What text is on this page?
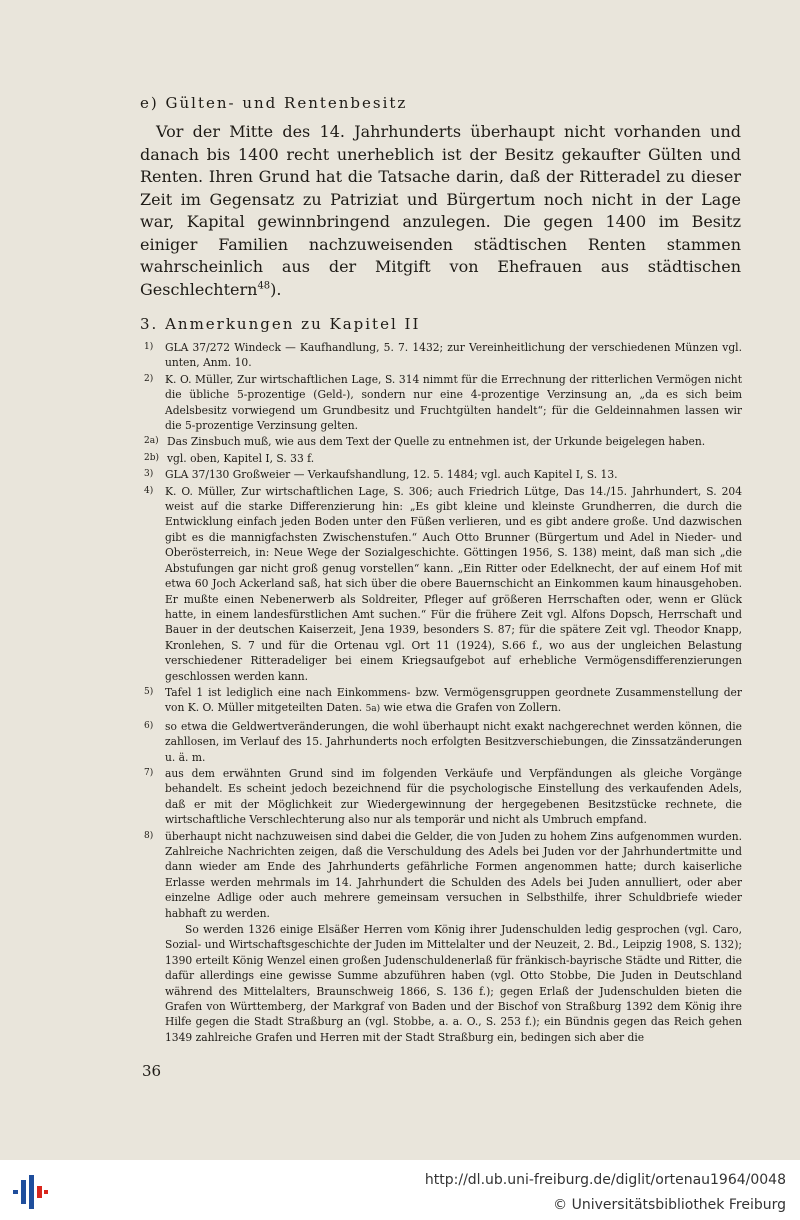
e) Gülten- und Rentenbesitz
Vor der Mitte des 14. Jahrhunderts überhaupt nicht vorhanden und danach bis 1400 recht unerheblich ist der Besitz gekaufter Gülten und Renten. Ihren Grund hat die Tatsache darin, daß der Ritteradel zu dieser Zeit im Gegensatz zu Patriziat und Bürgertum noch nicht in der Lage war, Kapital gewinnbringend anzulegen. Die gegen 1400 im Besitz einiger Familien nachzuweisenden städtischen Renten stammen wahrscheinlich aus der Mitgift von Ehefrauen aus städtischen Geschlechtern$^{48}$).
3. Anmerkungen zu Kapitel II
1)	GLA 37/272 Windeck — Kaufhandlung, 5. 7. 1432; zur Vereinheitlichung der verschiedenen Münzen vgl. unten, Anm. 10.
2)	K. O. Müller, Zur wirtschaftlichen Lage, S. 314 nimmt für die Errechnung der ritterlichen Vermögen nicht die übliche 5-prozentige (Geld-), sondern nur eine 4-prozentige Verzinsung an, „da es sich beim Adelsbesitz vorwiegend um Grundbesitz und Fruchtgülten handelt“; für die Geldeinnahmen lassen wir die 5-prozentige Verzinsung gelten.
2a) Das Zinsbuch muß, wie aus dem Text der Quelle zu entnehmen ist, der Urkunde beigelegen haben.
2b) vgl. oben, Kapitel I, S. 33 f.
3)	GLA 37/130 Großweier — Verkaufshandlung, 12. 5. 1484; vgl. auch Kapitel I, S. 13.
4)	K. O. Müller, Zur wirtschaftlichen Lage, S. 306; auch Friedrich Lütge, Das 14./15. Jahrhundert, S. 204 weist auf die starke Differenzierung hin: „Es gibt kleine und kleinste Grundherren, die durch die Entwicklung einfach jeden Boden unter den Füßen verlieren, und es gibt andere große. Und dazwischen gibt es die mannigfachsten Zwischenstufen.“ Auch Otto Brunner (Bürgertum und Adel in Nieder- und Oberösterreich, in: Neue Wege der Sozialgeschichte. Göttingen 1956, S. 138) meint, daß man sich „die Abstufungen gar nicht groß genug vorstellen“ kann. „Ein Ritter oder Edelknecht, der auf einem Hof mit etwa 60 Joch Ackerland saß, hat sich über die obere Bauernschicht an Einkommen kaum hinausgehoben. Er mußte einen Nebenerwerb als Soldreiter, Pfleger auf größeren Herrschaften oder, wenn er Glück hatte, in einem landesfürstlichen Amt suchen.“ Für die frühere Zeit vgl. Alfons Dopsch, Herrschaft und Bauer in der deutschen Kaiserzeit, Jena 1939, besonders S. 87; für die spätere Zeit vgl. Theodor Knapp, Kronlehen, S. 7 und für die Ortenau vgl. Ort 11 (1924), S.66 f., wo aus der ungleichen Belastung verschiedener Ritteradeliger bei einem Kriegsaufgebot auf erhebliche Vermögensdifferenzierungen geschlossen werden kann.
5)	Tafel 1 ist lediglich eine nach Einkommens- bzw. Vermögensgruppen geordnete Zusammenstellung der von K. O. Müller mitgeteilten Daten. 5a) wie etwa die Grafen von Zollern.
6)	so etwa die Geldwertveränderungen, die wohl überhaupt nicht exakt nachgerechnet werden können, die zahllosen, im Verlauf des 15. Jahrhunderts noch erfolgten Besitzverschiebungen, die Zinssatzänderungen u. ä. m.
7)	aus dem erwähnten Grund sind im folgenden Verkäufe und Verpfändungen als gleiche Vorgänge behandelt. Es scheint jedoch bezeichnend für die psychologische Einstellung des verkaufenden Adels, daß er mit der Möglichkeit zur Wiedergewinnung der hergegebenen Besitzstücke rechnete, die wirtschaftliche Verschlechterung also nur als temporär und nicht als Umbruch empfand.
8)	überhaupt nicht nachzuweisen sind dabei die Gelder, die von Juden zu hohem Zins aufgenommen wurden. Zahlreiche Nachrichten zeigen, daß die Verschuldung des Adels bei Juden vor der Jahrhundertmitte und dann wieder am Ende des Jahrhunderts gefährliche Formen angenommen hatte; durch kaiserliche Erlasse werden mehrmals im 14. Jahrhundert die Schulden des Adels bei Juden annulliert, oder aber einzelne Adlige oder auch mehrere gemeinsam versuchen in Selbsthilfe, ihrer Schuldbriefe wieder habhaft zu werden.
So werden 1326 einige Elsäßer Herren vom König ihrer Judenschulden ledig gesprochen (vgl. Caro, Sozial- und Wirtschaftsgeschichte der Juden im Mittelalter und der Neuzeit, 2. Bd., Leipzig 1908, S. 132); 1390 erteilt König Wenzel einen großen Judenschuldenerlaß für fränkisch-bayrische Städte und Ritter, die dafür allerdings eine gewisse Summe abzuführen haben (vgl. Otto Stobbe, Die Juden in Deutschland während des Mittelalters, Braunschweig 1866, S. 136 f.); gegen Erlaß der Judenschulden bieten die Grafen von Württemberg, der Markgraf von Baden und der Bischof von Straßburg 1392 dem König ihre Hilfe gegen die Stadt Straßburg an (vgl. Stobbe, a. a. O., S. 253 f.); ein Bündnis gegen das Reich gehen 1349 zahlreiche Grafen und Herren mit der Stadt Straßburg ein, bedingen sich aber die
36
http://dl.ub.uni-freiburg.de/diglit/ortenau1964/0048
© Universitätsbibliothek Freiburg
